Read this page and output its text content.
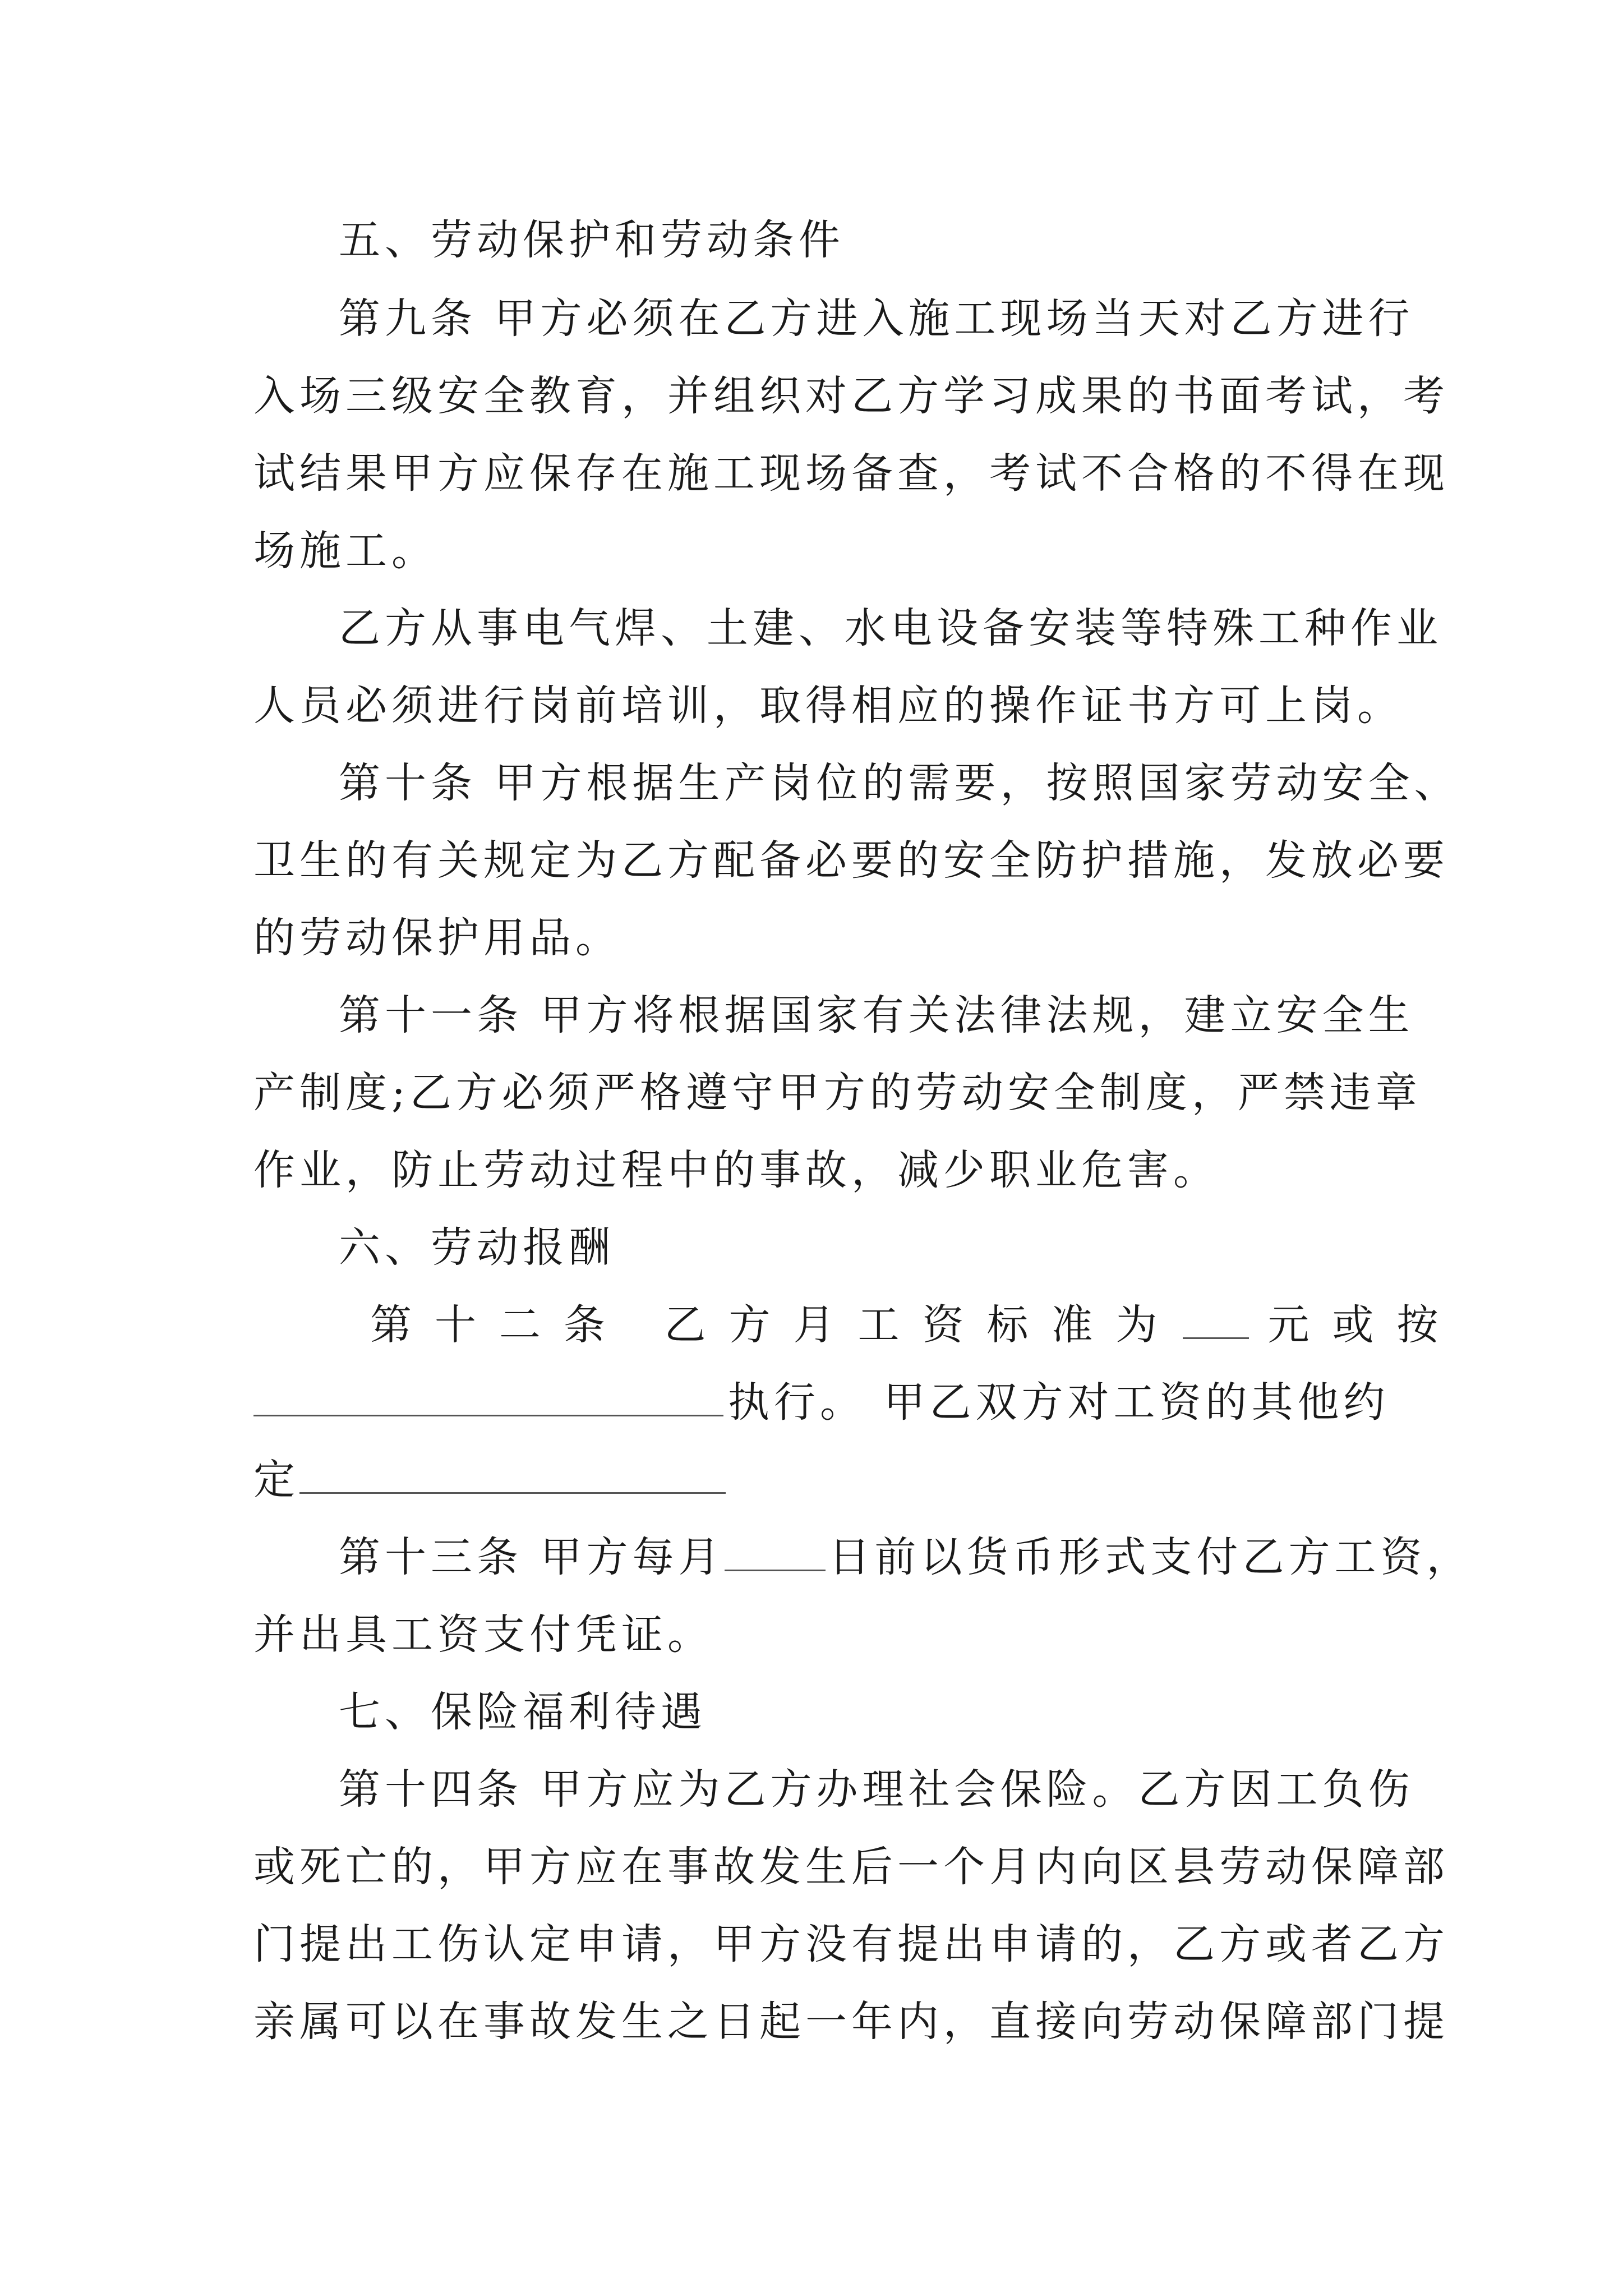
五、劳动保护和劳动条件
第九条 甲方必须在乙方进入施工现场当天对乙方进行
入场三级安全教育，并组织对乙方学习成果的书面考试，考
试结果甲方应保存在施工现场备查，考试不合格的不得在现
场施工。
乙方从事电气焊、土建、水电设备安装等特殊工种作业
人员必须进行岗前培训，取得相应的操作证书方可上岗。
第十条 甲方根据生产岗位的需要，按照国家劳动安全、
卫生的有关规定为乙方配备必要的安全防护措施，发放必要
的劳动保护用品。
第十一条 甲方将根据国家有关法律法规，建立安全生
产制度;乙方必须严格遵守甲方的劳动安全制度，严禁违章
作业，防止劳动过程中的事故，减少职业危害。
六、劳动报酬
第十二条 乙方月工资标准为 元或按
执行。 甲乙双方对工资的其他约
定
第十三条 甲方每月	日前以货币形式支付乙方工资，
并出具工资支付凭证。
七、保险福利待遇
第十四条 甲方应为乙方办理社会保险。乙方因工负伤
或死亡的，甲方应在事故发生后一个月内向区县劳动保障部
门提出工伤认定申请，甲方没有提出申请的，乙方或者乙方
亲属可以在事故发生之日起一年内，直接向劳动保障部门提
